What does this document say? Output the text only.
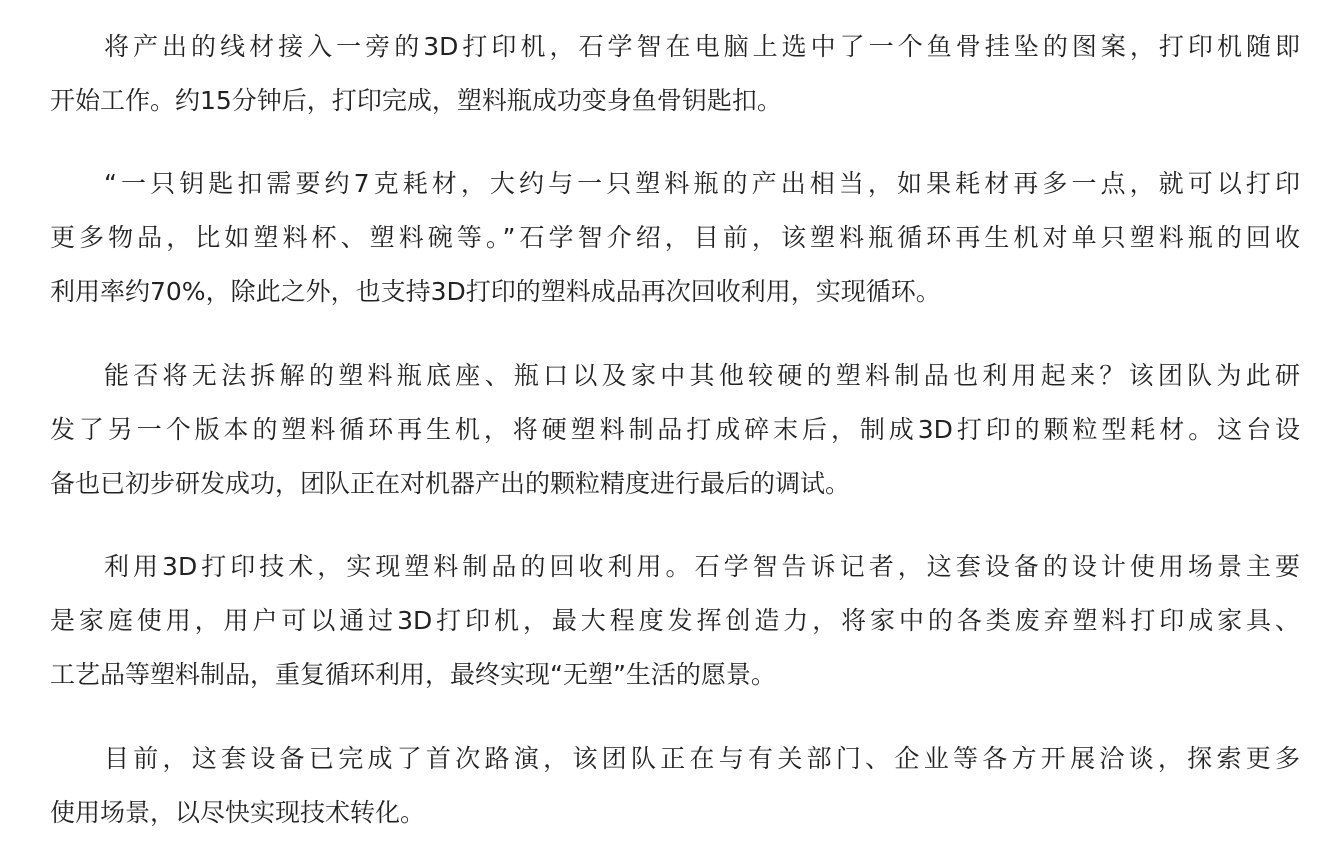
将产出的线材接入一旁的3D打印机，石学智在电脑上选中了一个鱼骨挂坠的图案，打印机随即
开始工作。约15分钟后，打印完成，塑料瓶成功变身鱼骨钥匙扣。

“一只钥匙扣需要约7克耗材，大约与一只塑料瓶的产出相当，如果耗材再多一点，就可以打印
更多物品，比如塑料杯、塑料碗等。”石学智介绍，目前，该塑料瓶循环再生机对单只塑料瓶的回收
利用率约70%，除此之外，也支持3D打印的塑料成品再次回收利用，实现循环。

能否将无法拆解的塑料瓶底座、瓶口以及家中其他较硬的塑料制品也利用起来？该团队为此研
发了另一个版本的塑料循环再生机，将硬塑料制品打成碎末后，制成3D打印的颗粒型耗材。这台设
备也已初步研发成功，团队正在对机器产出的颗粒精度进行最后的调试。

利用3D打印技术，实现塑料制品的回收利用。石学智告诉记者，这套设备的设计使用场景主要
是家庭使用，用户可以通过3D打印机，最大程度发挥创造力，将家中的各类废弃塑料打印成家具、
工艺品等塑料制品，重复循环利用，最终实现“无塑”生活的愿景。

目前，这套设备已完成了首次路演，该团队正在与有关部门、企业等各方开展洽谈，探索更多
使用场景，以尽快实现技术转化。
